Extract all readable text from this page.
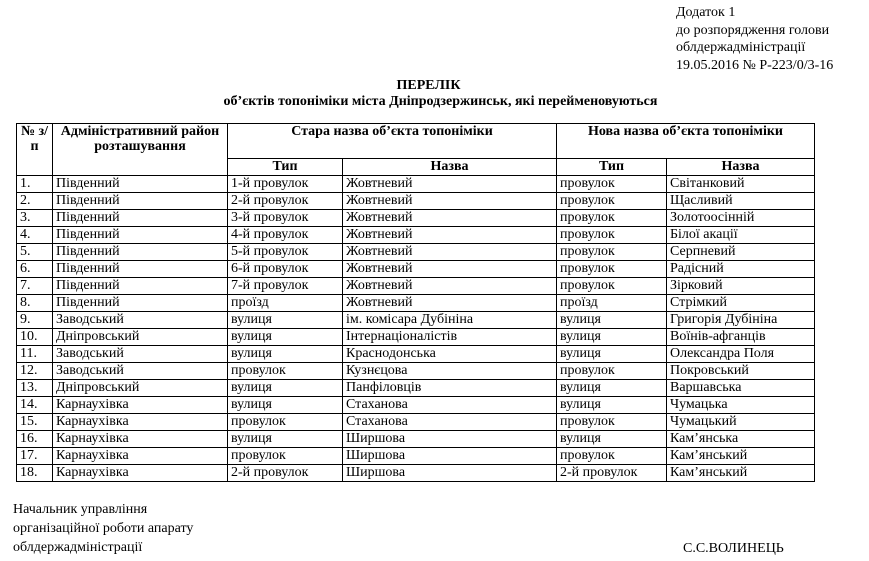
Додаток 1
до розпорядження голови
облдержадміністрації
19.05.2016 № Р-223/0/3-16
ПЕРЕЛІК
об’єктів топоніміки міста Дніпродзержинськ, які перейменовуються
№ з/п	Адміністративний район розташування	Стара назва об’єкта топоніміки		Нова назва об’єкта топоніміки	
		Тип	Назва	Тип	Назва
1.	Південний	1-й провулок	Жовтневий	провулок	Світанковий
2.	Південний	2-й провулок	Жовтневий	провулок	Щасливий
3.	Південний	3-й провулок	Жовтневий	провулок	Золотоосінній
4.	Південний	4-й провулок	Жовтневий	провулок	Білої акації
5.	Південний	5-й провулок	Жовтневий	провулок	Серпневий
6.	Південний	6-й провулок	Жовтневий	провулок	Радісний
7.	Південний	7-й провулок	Жовтневий	провулок	Зірковий
8.	Південний	проїзд	Жовтневий	проїзд	Стрімкий
9.	Заводський	вулиця	ім. комісара Дубініна	вулиця	Григорія Дубініна
10.	Дніпровський	вулиця	Інтернаціоналістів	вулиця	Воїнів-афганців
11.	Заводський	вулиця	Краснодонська	вулиця	Олександра Поля
12.	Заводський	провулок	Кузнєцова	провулок	Покровський
13.	Дніпровський	вулиця	Панфіловців	вулиця	Варшавська
14.	Карнаухівка	вулиця	Стаханова	вулиця	Чумацька
15.	Карнаухівка	провулок	Стаханова	провулок	Чумацький
16.	Карнаухівка	вулиця	Ширшова	вулиця	Кам’янська
17.	Карнаухівка	провулок	Ширшова	провулок	Кам’янський
18.	Карнаухівка	2-й провулок	Ширшова	2-й провулок	Кам’янський
Начальник управління
організаційної роботи апарату
облдержадміністрації	С.С.ВОЛИНЕЦЬ
